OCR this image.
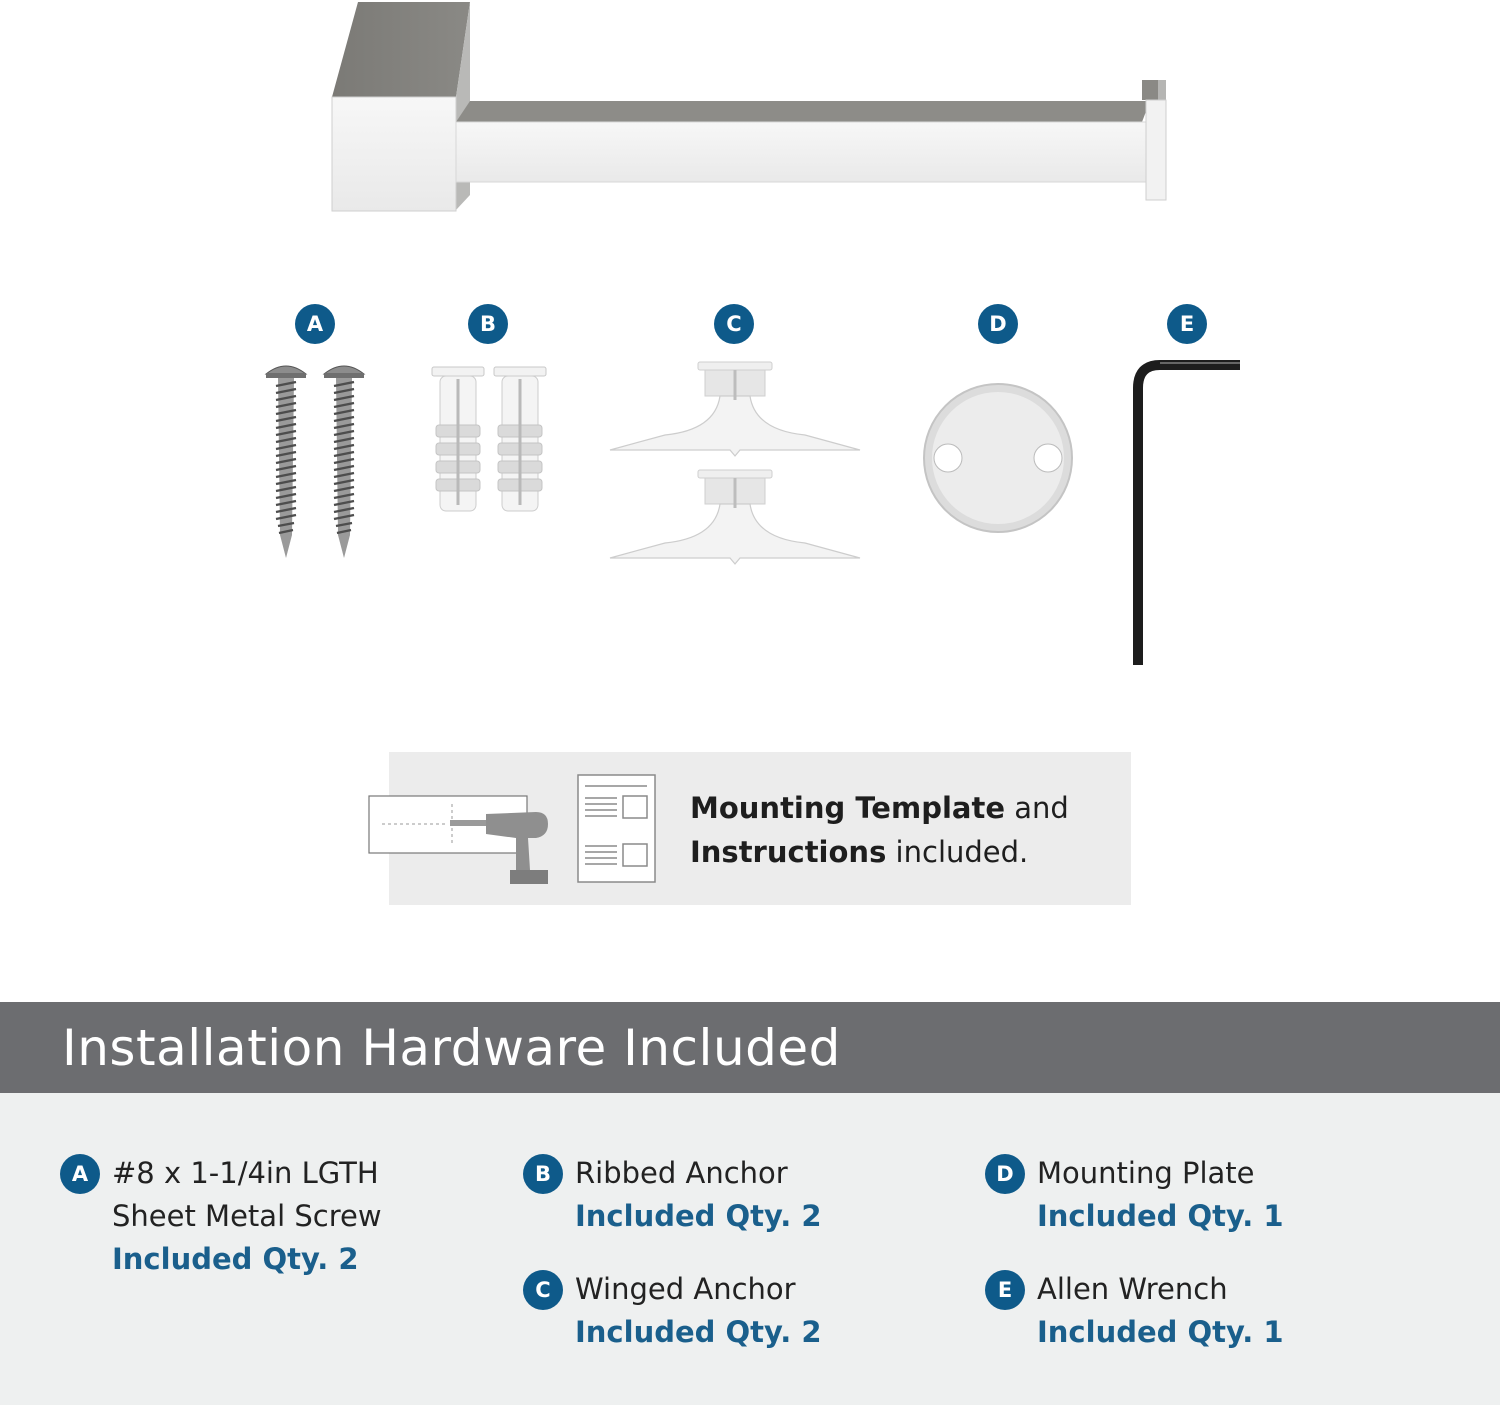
A	B	C	D	E
Mounting Template and
Instructions included.
Installation Hardware Included
A #8 x 1-1/4in LGTH
Sheet Metal Screw
Included Qty. 2
B Ribbed Anchor
Included Qty. 2
C Winged Anchor
Included Qty. 2
D Mounting Plate
Included Qty. 1
E Allen Wrench
Included Qty. 1
